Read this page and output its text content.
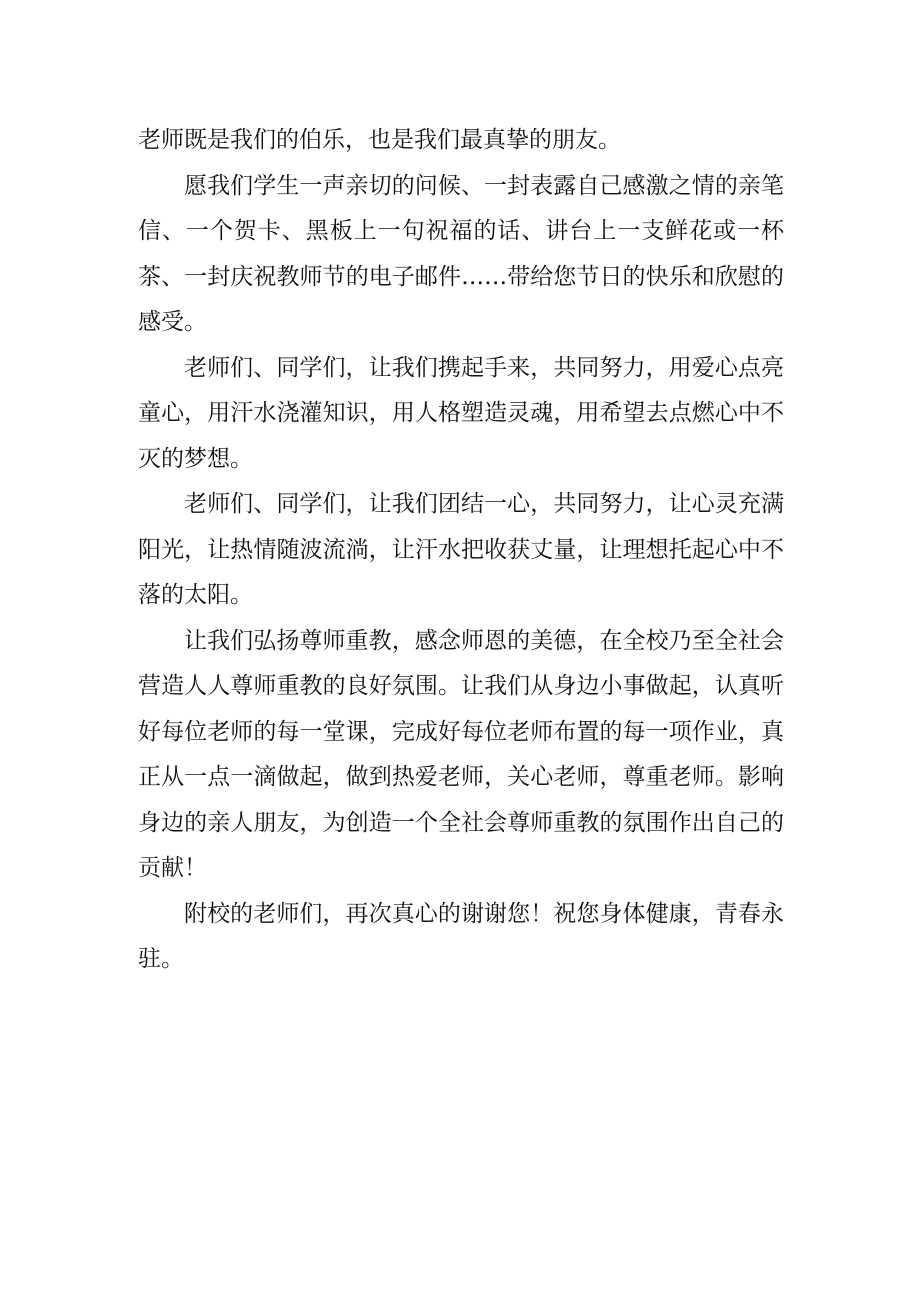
老师既是我们的伯乐，也是我们最真挚的朋友。

愿我们学生一声亲切的问候、一封表露自己感激之情的亲笔信、一个贺卡、黑板上一句祝福的话、讲台上一支鲜花或一杯茶、一封庆祝教师节的电子邮件……带给您节日的快乐和欣慰的感受。

老师们、同学们，让我们携起手来，共同努力，用爱心点亮童心，用汗水浇灌知识，用人格塑造灵魂，用希望去点燃心中不灭的梦想。

老师们、同学们，让我们团结一心，共同努力，让心灵充满阳光，让热情随波流淌，让汗水把收获丈量，让理想托起心中不落的太阳。

让我们弘扬尊师重教，感念师恩的美德，在全校乃至全社会营造人人尊师重教的良好氛围。让我们从身边小事做起，认真听好每位老师的每一堂课，完成好每位老师布置的每一项作业，真正从一点一滴做起，做到热爱老师，关心老师，尊重老师。影响身边的亲人朋友，为创造一个全社会尊师重教的氛围作出自己的贡献！

附校的老师们，再次真心的谢谢您！祝您身体健康，青春永驻。
